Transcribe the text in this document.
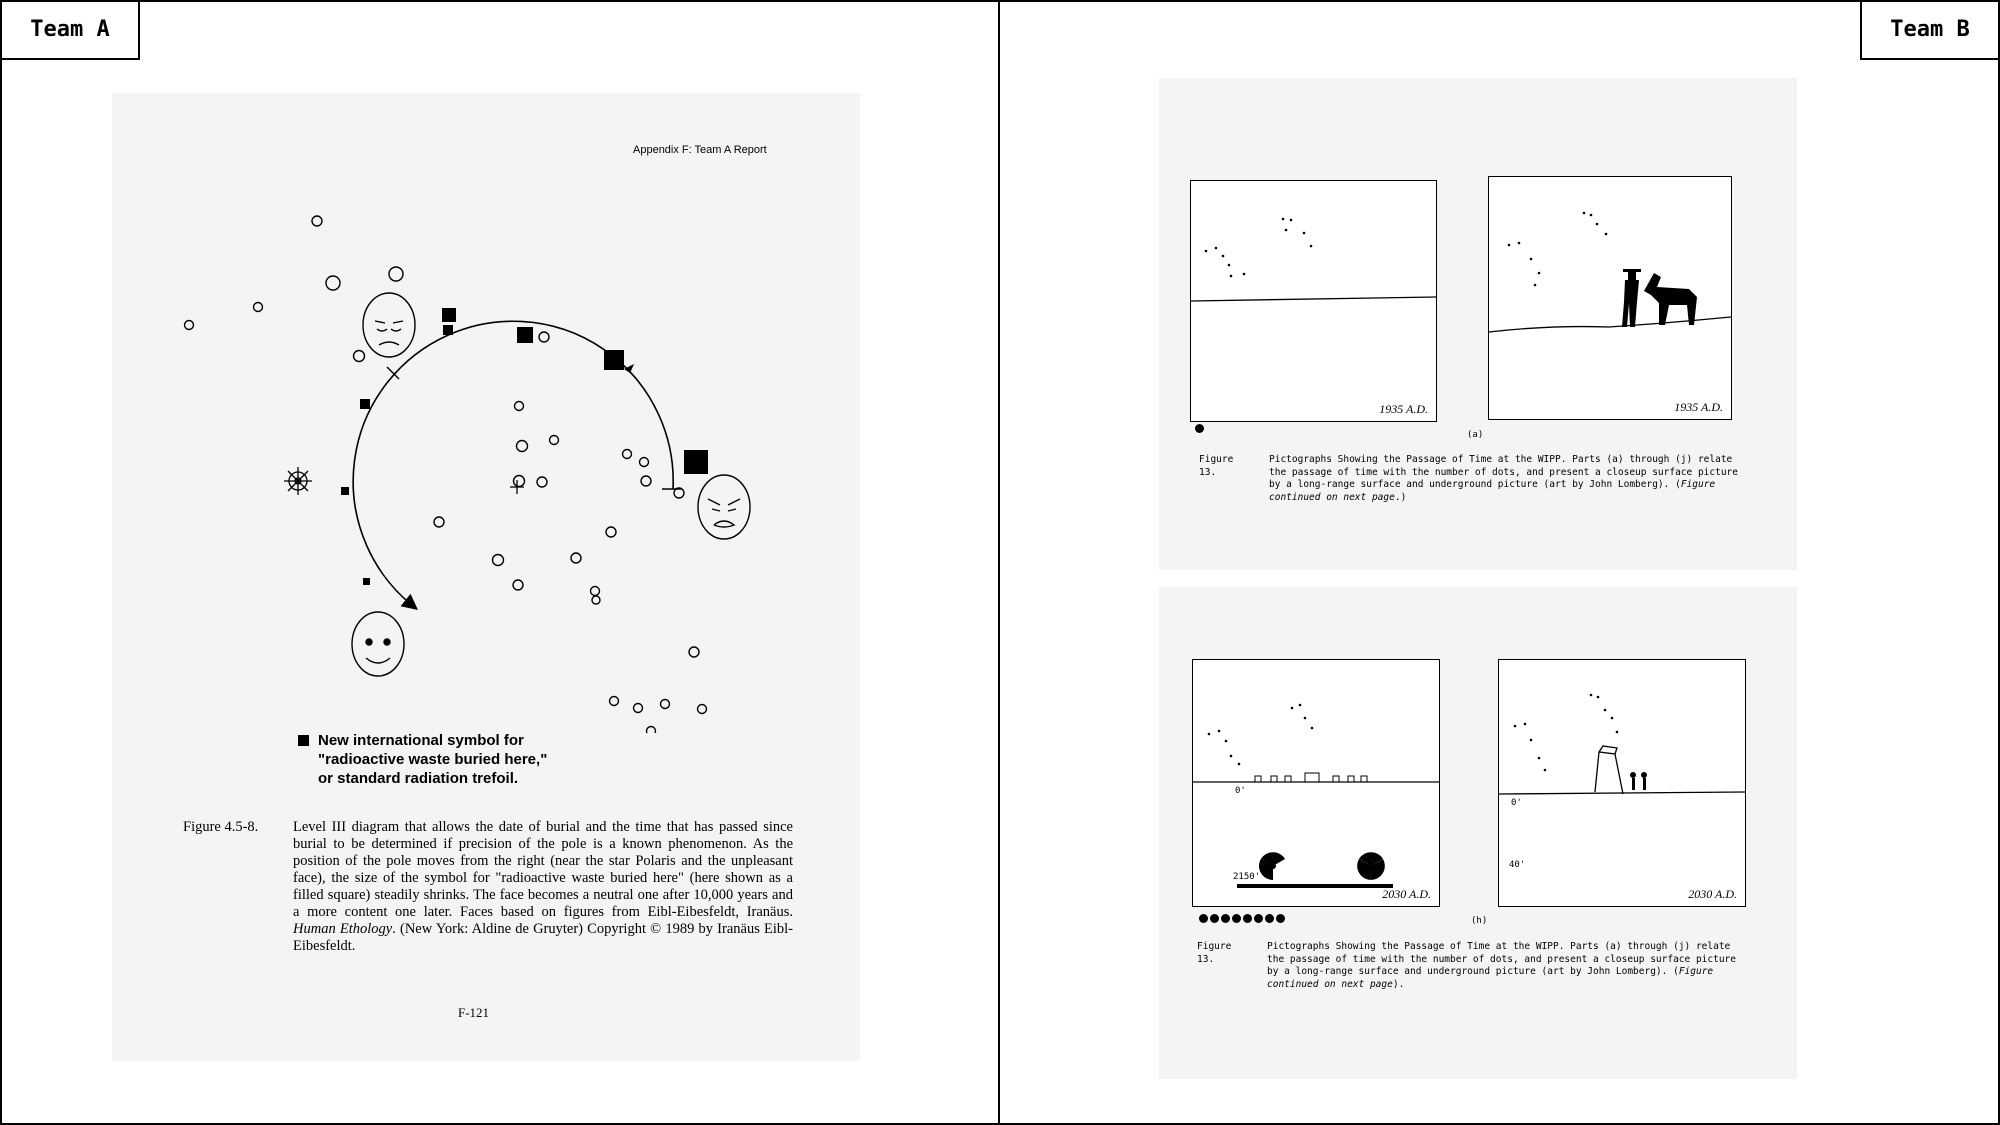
Team A	Team B
Appendix F: Team A Report
New international symbol for
"radioactive waste buried here,"
or standard radiation trefoil.
Figure 4.5-8. Level III diagram that allows the date of burial and the time that has passed since burial to be determined if precision of the pole is a known phenomenon. As the position of the pole moves from the right (near the star Polaris and the unpleasant face), the size of the symbol for "radioactive waste buried here" (here shown as a filled square) steadily shrinks. The face becomes a neutral one after 10,000 years and a more content one later. Faces based on figures from Eibl-Eibesfeldt, Iranäus. Human Ethology. (New York: Aldine de Gruyter) Copyright © 1989 by Iranäus Eibl-Eibesfeldt.
F-121
1935 A.D.	1935 A.D.
(a)
Figure 13.
Pictographs Showing the Passage of Time at the WIPP. Parts (a) through (j) relate the passage of time with the number of dots, and present a closeup surface picture by a long-range surface and underground picture (art by John Lomberg). (Figure continued on next page.)
0'
2150'
2030 A.D.
0'
40'
2030 A.D.
(h)
Figure 13.
Pictographs Showing the Passage of Time at the WIPP. Parts (a) through (j) relate the passage of time with the number of dots, and present a closeup surface picture by a long-range surface and underground picture (art by John Lomberg). (Figure continued on next page).
